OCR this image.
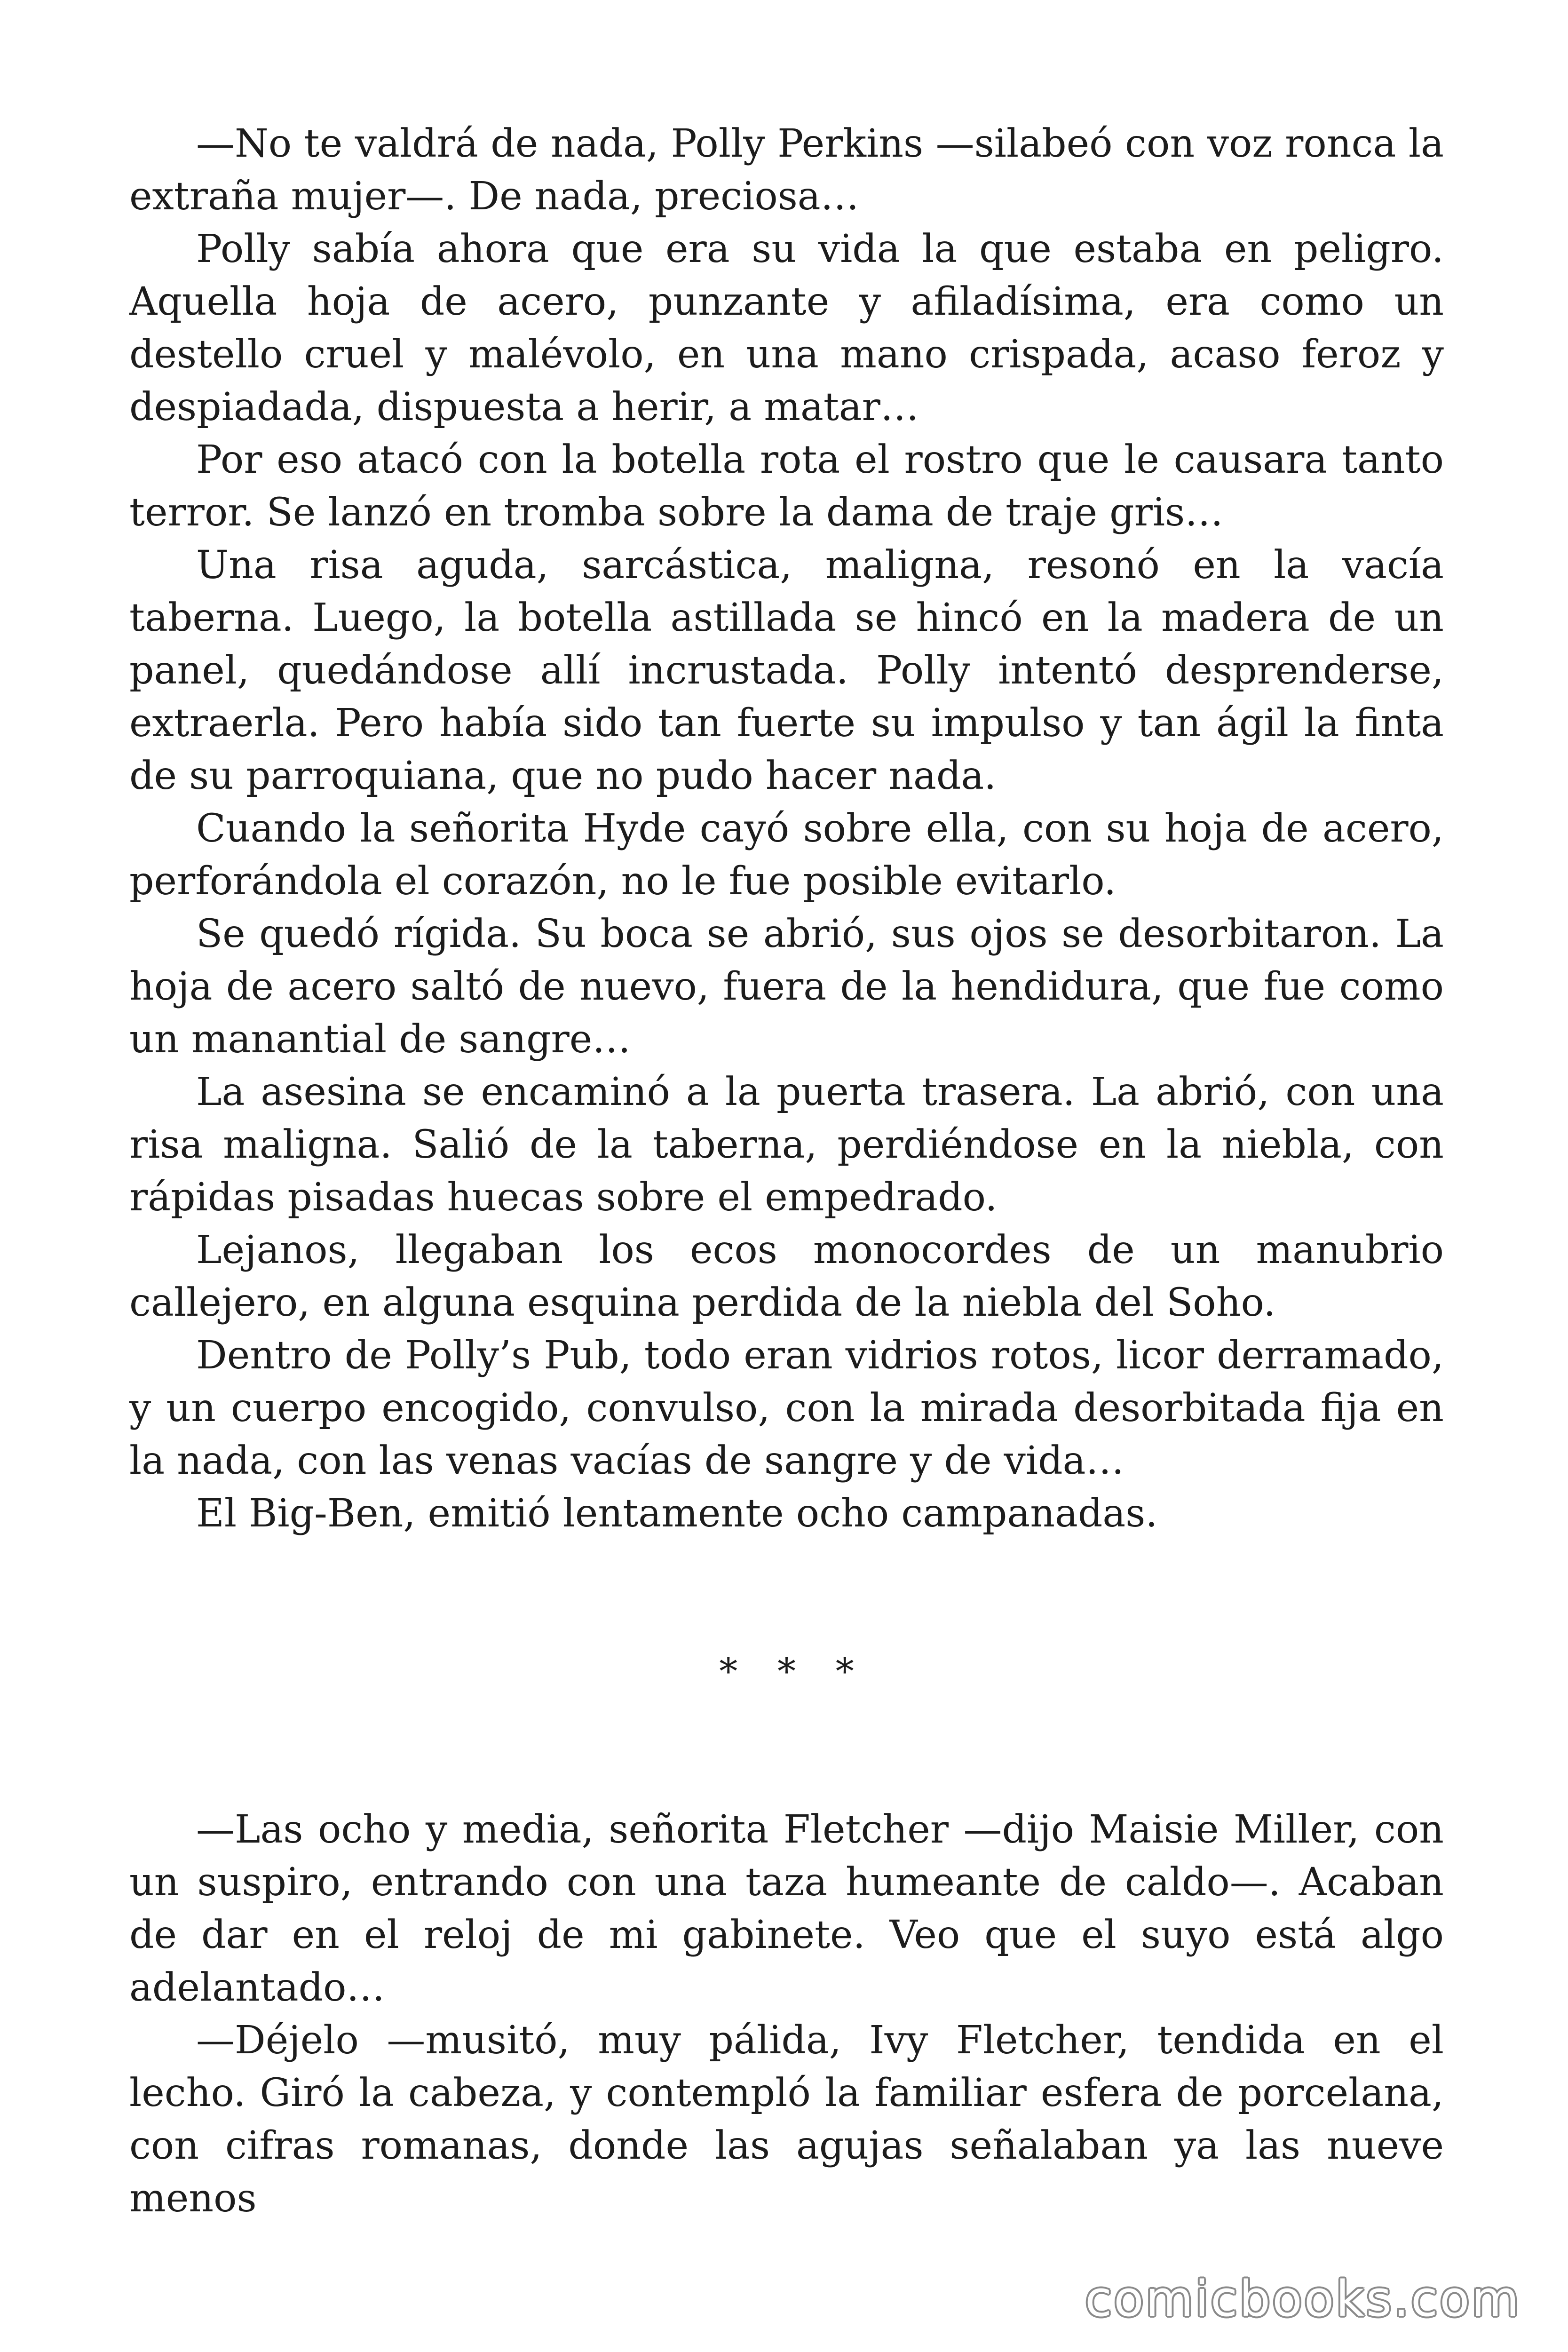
—No te valdrá de nada, Polly Perkins —silabeó con voz ronca la extraña mujer—. De nada, preciosa…

Polly sabía ahora que era su vida la que estaba en peligro. Aquella hoja de acero, punzante y afiladísima, era como un destello cruel y malévolo, en una mano crispada, acaso feroz y despiadada, dispuesta a herir, a matar…

Por eso atacó con la botella rota el rostro que le causara tanto terror. Se lanzó en tromba sobre la dama de traje gris…

Una risa aguda, sarcástica, maligna, resonó en la vacía taberna. Luego, la botella astillada se hincó en la madera de un panel, quedándose allí incrustada. Polly intentó desprenderse, extraerla. Pero había sido tan fuerte su impulso y tan ágil la finta de su parroquiana, que no pudo hacer nada.

Cuando la señorita Hyde cayó sobre ella, con su hoja de acero, perforándola el corazón, no le fue posible evitarlo.

Se quedó rígida. Su boca se abrió, sus ojos se desorbitaron. La hoja de acero saltó de nuevo, fuera de la hendidura, que fue como un manantial de sangre…

La asesina se encaminó a la puerta trasera. La abrió, con una risa maligna. Salió de la taberna, perdiéndose en la niebla, con rápidas pisadas huecas sobre el empedrado.

Lejanos, llegaban los ecos monocordes de un manubrio callejero, en alguna esquina perdida de la niebla del Soho.

Dentro de Polly’s Pub, todo eran vidrios rotos, licor derramado, y un cuerpo encogido, convulso, con la mirada desorbitada fija en la nada, con las venas vacías de sangre y de vida…

El Big-Ben, emitió lentamente ocho campanadas.

* * *

—Las ocho y media, señorita Fletcher —dijo Maisie Miller, con un suspiro, entrando con una taza humeante de caldo—. Acaban de dar en el reloj de mi gabinete. Veo que el suyo está algo adelantado…

—Déjelo —musitó, muy pálida, Ivy Fletcher, tendida en el lecho. Giró la cabeza, y contempló la familiar esfera de porcelana, con cifras romanas, donde las agujas señalaban ya las nueve menos

comicbooks.com
